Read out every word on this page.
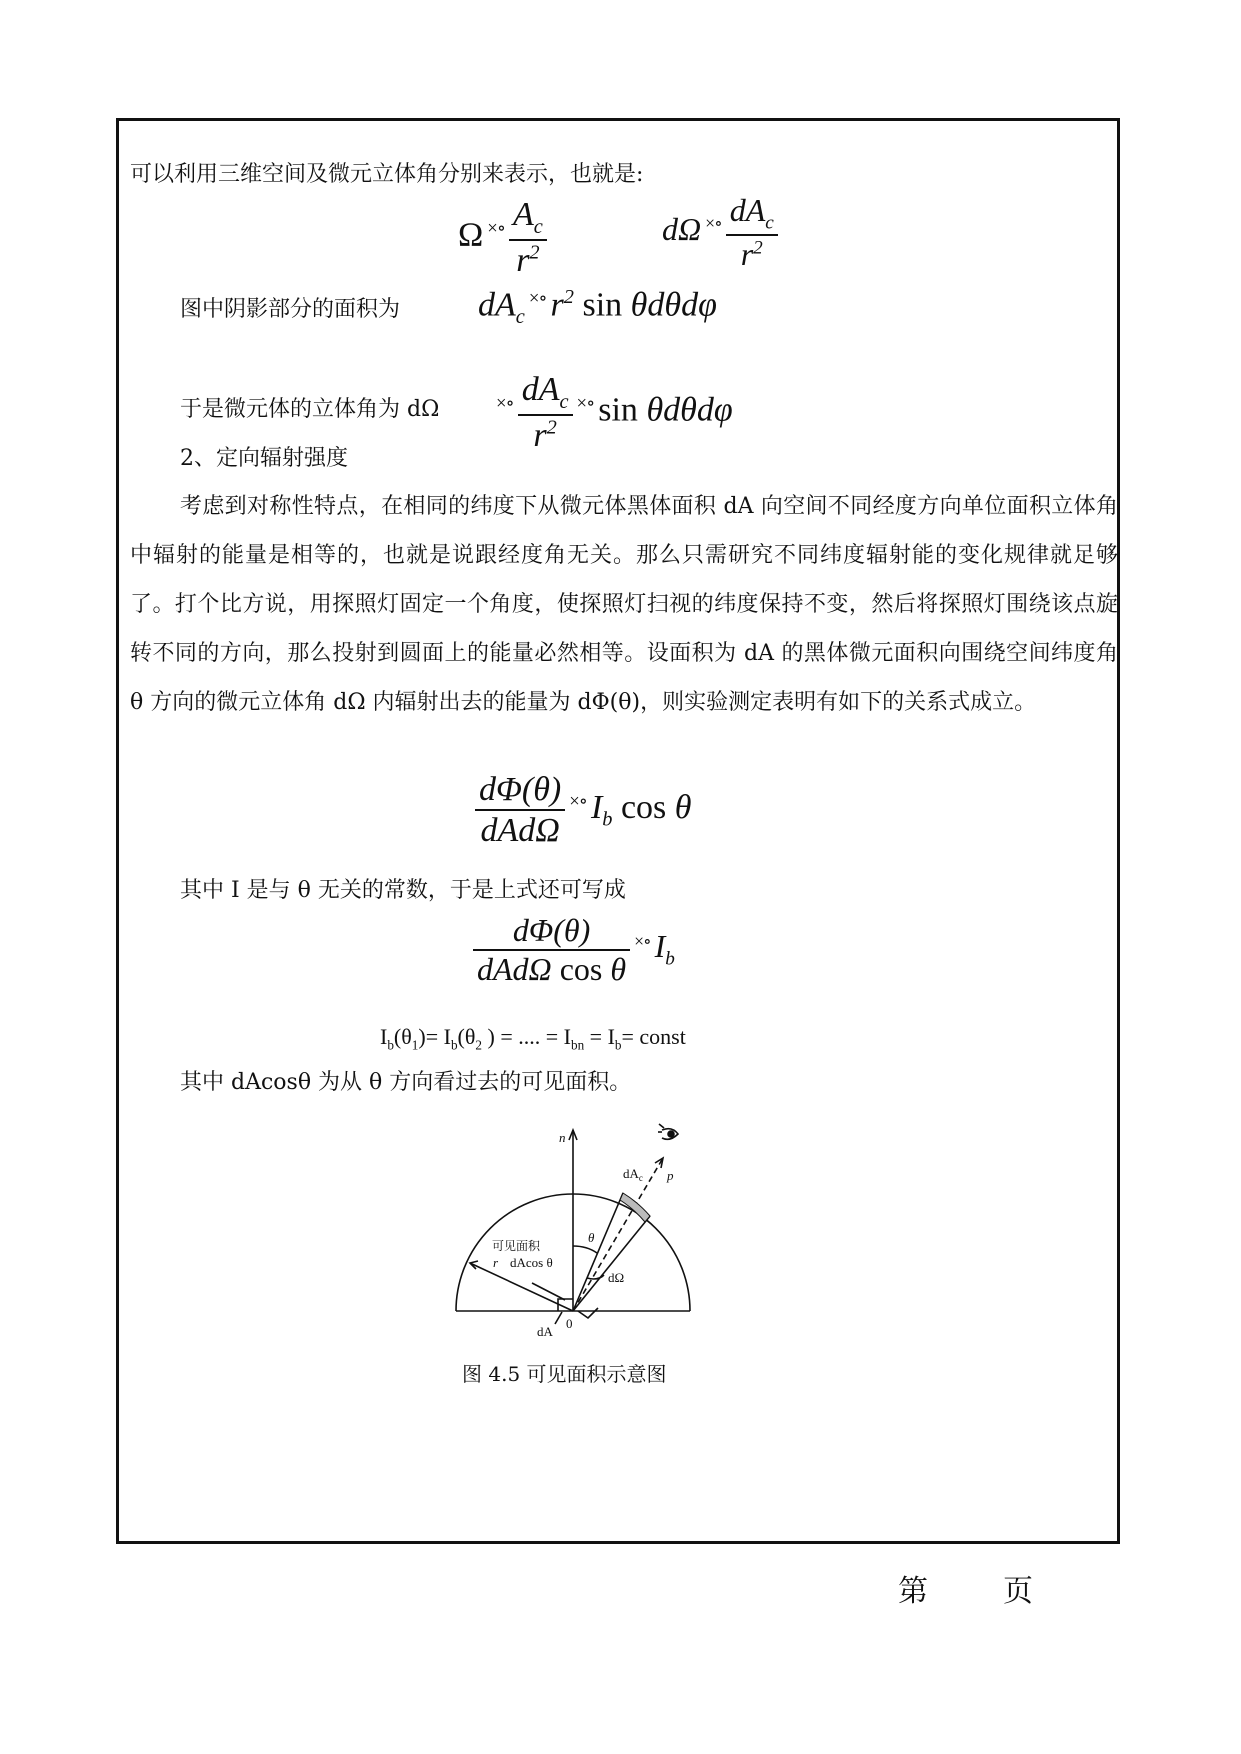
可以利用三维空间及微元立体角分别来表示，也就是:
Ω $^{\times\circ} \frac{A_c}{r^2}$	dΩ $^{\times\circ} \frac{dA_c}{r^2}$
图中阴影部分的面积为 $dA_c^{\times\circ}$ $r^2$ sin θdθdφ
于是微元体的立体角为 dΩ	$^{\times\circ} \frac{dA_c}{r^2} ^{\times\circ}$ sin θdθdφ
2、定向辐射强度
考虑到对称性特点，在相同的纬度下从微元体黑体面积 dA 向空间不同经度方向单位面积立体角中辐射的能量是相等的，也就是说跟经度角无关。那么只需研究不同纬度辐射能的变化规律就足够了。打个比方说，用探照灯固定一个角度，使探照灯扫视的纬度保持不变，然后将探照灯围绕该点旋转不同的方向，那么投射到圆面上的能量必然相等。设面积为 dA 的黑体微元面积向围绕空间纬度角 θ 方向的微元立体角 dΩ 内辐射出去的能量为 dΦ(θ)，则实验测定表明有如下的关系式成立。
$\frac{d\Phi(\theta)}{\text{dAdΩ}} ^{\times\circ}$ $I_b$ cos θ
其中 I 是与 θ 无关的常数，于是上式还可写成
$\frac{d\Phi(\theta)}{\text{dAdΩ cos θ}} ^{\times\circ}$ $I_b$
$I_b(\theta_1)= I_b(\theta_2$ ) = .... = $I_{bn} = I_b=$ const
其中 dAcosθ 为从 θ 方向看过去的可见面积。
n
$dA_c$ p
θ
可见面积
r dAcos θ
dΩ
0
dA
图 4.5 可见面积示意图
第	页
